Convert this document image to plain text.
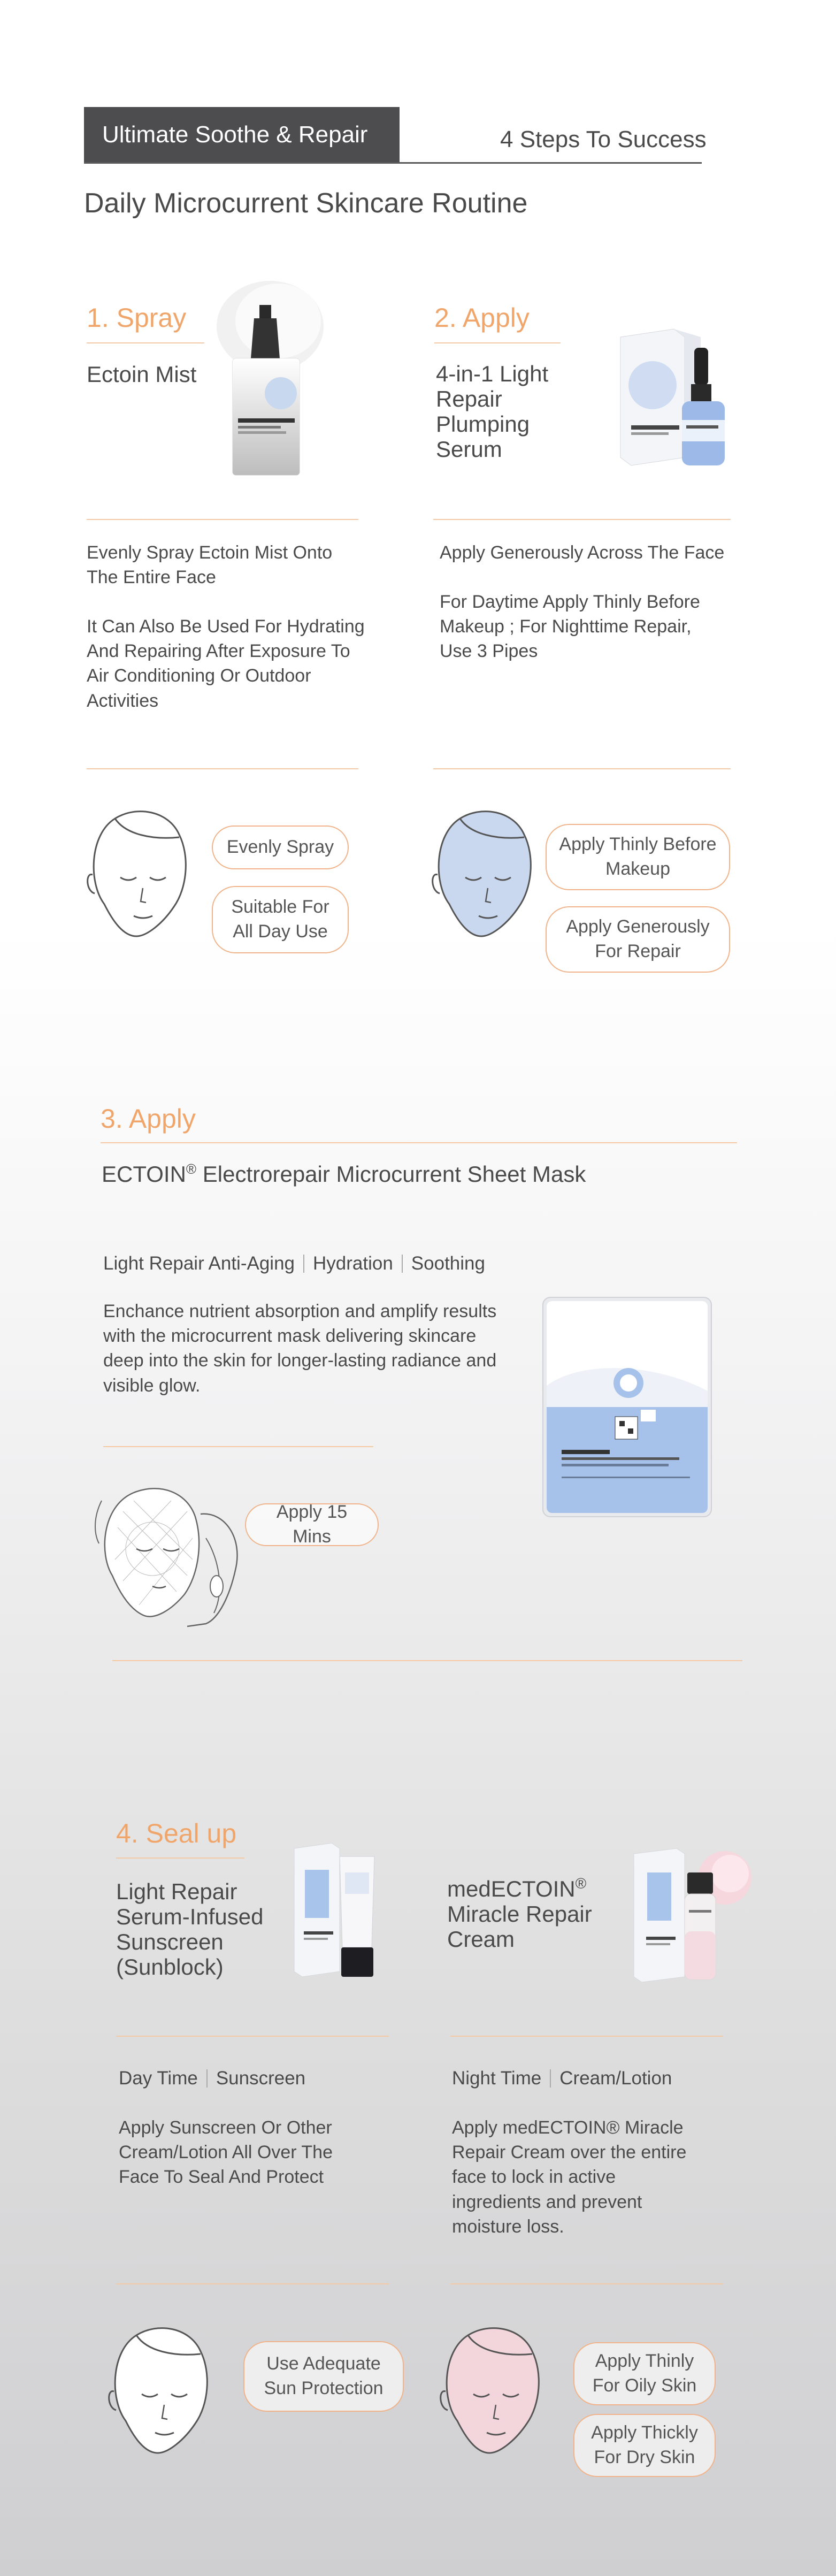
Ultimate Soothe & Repair	4 Steps To Success
Daily Microcurrent Skincare Routine
1. Spray
Ectoin Mist
Evenly Spray Ectoin Mist Onto The Entire Face
It Can Also Be Used For Hydrating And Repairing After Exposure To Air Conditioning Or Outdoor Activities
Evenly Spray
Suitable For All Day Use
2. Apply
4-in-1 Light Repair Plumping Serum
Apply Generously Across The Face
For Daytime Apply Thinly Before Makeup ; For Nighttime Repair, Use 3 Pipes
Apply Thinly Before Makeup
Apply Generously For Repair
3. Apply
ECTOIN® Electrorepair Microcurrent Sheet Mask
Light Repair Anti-Aging Hydration Soothing
Enchance nutrient absorption and amplify results with the microcurrent mask delivering skincare deep into the skin for longer-lasting radiance and visible glow.
Apply 15 Mins
4. Seal up
Light Repair Serum-Infused Sunscreen (Sunblock)
Day Time Sunscreen
Apply Sunscreen Or Other Cream/Lotion All Over The Face To Seal And Protect
Use Adequate Sun Protection
medECTOIN®
Miracle Repair Cream
Night Time Cream/Lotion
Apply medECTOIN® Miracle Repair Cream over the entire face to lock in active ingredients and prevent moisture loss.
Apply Thinly For Oily Skin
Apply Thickly For Dry Skin
